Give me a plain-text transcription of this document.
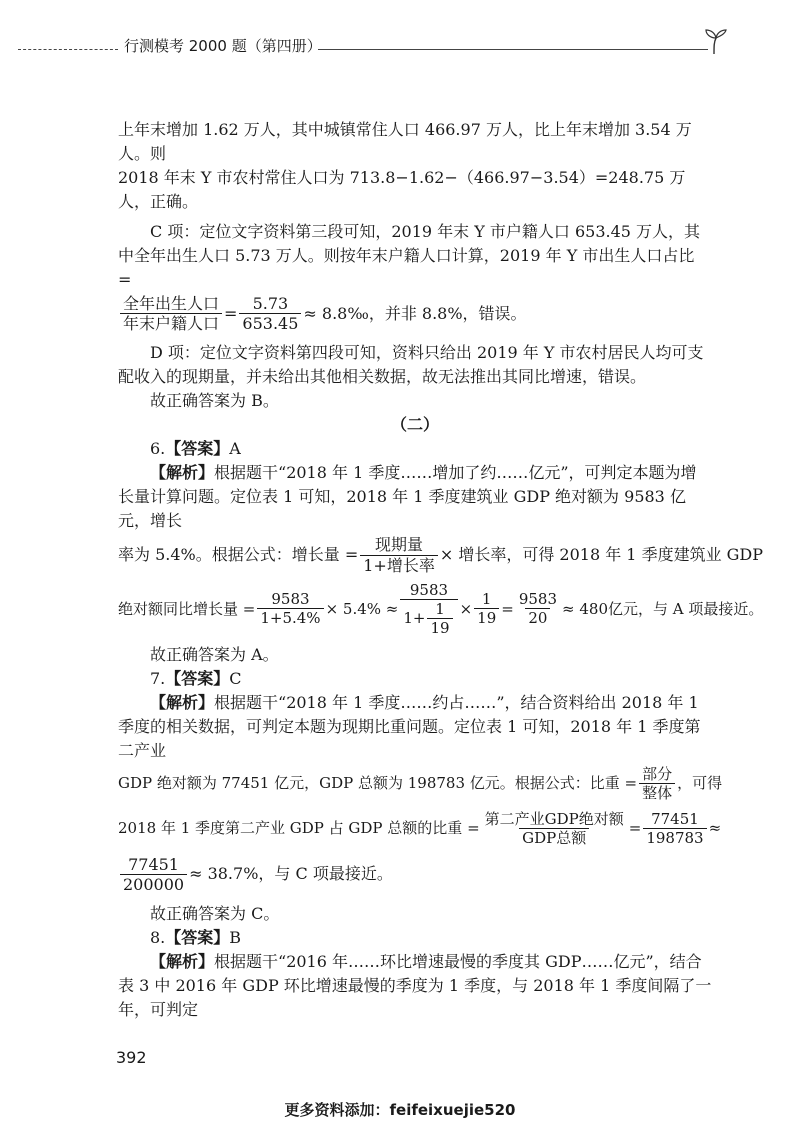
行测模考 2000 题（第四册）

上年末增加 1.62 万人，其中城镇常住人口 466.97 万人，比上年末增加 3.54 万人。则

2018 年末 Y 市农村常住人口为 713.8−1.62−（466.97−3.54）=248.75 万人，正确。

C 项：定位文字资料第三段可知，2019 年末 Y 市户籍人口 653.45 万人，其中全年出生人口 5.73 万人。则按年末户籍人口计算，2019 年 Y 市出生人口占比 =

$\frac{\text{全年出生人口}}{\text{年末户籍人口}} = \frac{5.73}{653.45}$ ≈ 8.8‰，并非 8.8%，错误。

D 项：定位文字资料第四段可知，资料只给出 2019 年 Y 市农村居民人均可支配收入的现期量，并未给出其他相关数据，故无法推出其同比增速，错误。

故正确答案为 B。

（二）

6.【答案】A

【解析】根据题干“2018 年 1 季度……增加了约……亿元”，可判定本题为增长量计算问题。定位表 1 可知，2018 年 1 季度建筑业 GDP 绝对额为 9583 亿元，增长

率为 5.4%。根据公式：增长量 = $\frac{\text{现期量}}{\text{1+增长率}}$ × 增长率，可得 2018 年 1 季度建筑业 GDP
绝对额同比增长量 = $\frac{9583}{1+5.4\%} \times 5.4\% \approx \frac{9583}{1+ \frac{1}{19}} \times \frac{1}{19} = \frac{9583}{20} \approx 480$亿元，与 A 项最接近。

故正确答案为 A。

7.【答案】C

【解析】根据题干“2018 年 1 季度……约占……”，结合资料给出 2018 年 1 季度的相关数据，可判定本题为现期比重问题。定位表 1 可知，2018 年 1 季度第二产业

GDP 绝对额为 77451 亿元，GDP 总额为 198783 亿元。根据公式：比重 = $\frac{\text{部分}}{\text{整体}}$ ，可得
2018 年 1 季度第二产业 GDP 占 GDP 总额的比重 = $\frac{\text{第二产业GDP绝对额}}{\text{GDP总额}} = \frac{77451}{198783}$ ≈
$\frac{77451}{200000} \approx 38.7\%$，与 C 项最接近。

故正确答案为 C。

8.【答案】B

【解析】根据题干“2016 年……环比增速最慢的季度其 GDP……亿元”，结合表 3 中 2016 年 GDP 环比增速最慢的季度为 1 季度，与 2018 年 1 季度间隔了一年，可判定

392
更多资料添加：feifeixuejie520
